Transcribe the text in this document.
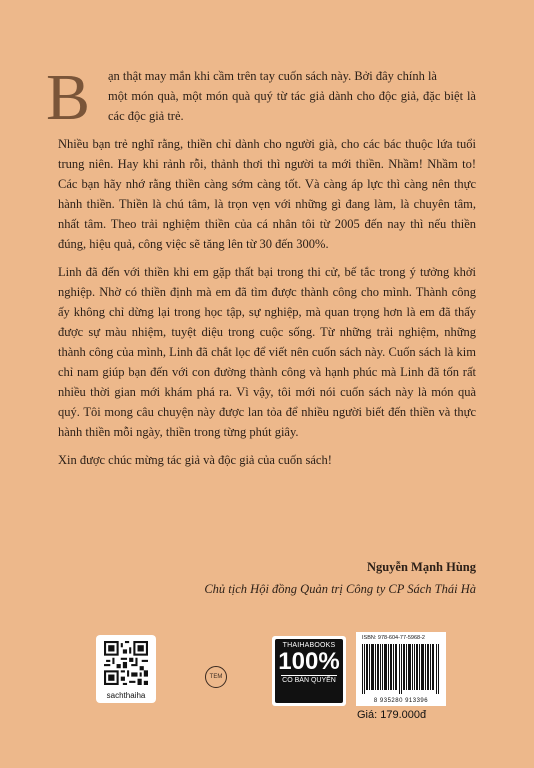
B	ạn thật may mắn khi cầm trên tay cuốn sách này. Bởi đây chính là
một món quà, một món quà quý từ tác giả dành cho độc giả, đặc biệt là các độc giả trẻ.

Nhiều bạn trẻ nghĩ rằng, thiền chỉ dành cho người già, cho các bác thuộc lứa tuổi trung niên. Hay khi rảnh rỗi, thảnh thơi thì người ta mới thiền. Nhầm! Nhầm to! Các bạn hãy nhớ rằng thiền càng sớm càng tốt. Và càng áp lực thì càng nên thực hành thiền. Thiền là chú tâm, là trọn vẹn với những gì đang làm, là chuyên tâm, nhất tâm. Theo trải nghiệm thiền của cá nhân tôi từ 2005 đến nay thì nếu thiền đúng, hiệu quả, công việc sẽ tăng lên từ 30 đến 300%.

Linh đã đến với thiền khi em gặp thất bại trong thi cử, bế tắc trong ý tưởng khởi nghiệp. Nhờ có thiền định mà em đã tìm được thành công cho mình. Thành công ấy không chỉ dừng lại trong học tập, sự nghiệp, mà quan trọng hơn là em đã thấy được sự màu nhiệm, tuyệt diệu trong cuộc sống. Từ những trải nghiệm, những thành công của mình, Linh đã chắt lọc để viết nên cuốn sách này. Cuốn sách là kim chỉ nam giúp bạn đến với con đường thành công và hạnh phúc mà Linh đã tốn rất nhiều thời gian mới khám phá ra. Vì vậy, tôi mới nói cuốn sách này là món quà quý. Tôi mong câu chuyện này được lan tỏa để nhiều người biết đến thiền và thực hành thiền mỗi ngày, thiền trong từng phút giây.

Xin được chúc mừng tác giả và độc giả của cuốn sách!

Nguyễn Mạnh Hùng
Chủ tịch Hội đồng Quản trị Công ty CP Sách Thái Hà
sachthaiha
TEM
THAIHABOOKS
100%
CÓ BẢN QUYỀN
ISBN: 978-604-77-5968-2
8 935280 913396
Giá: 179.000đ
